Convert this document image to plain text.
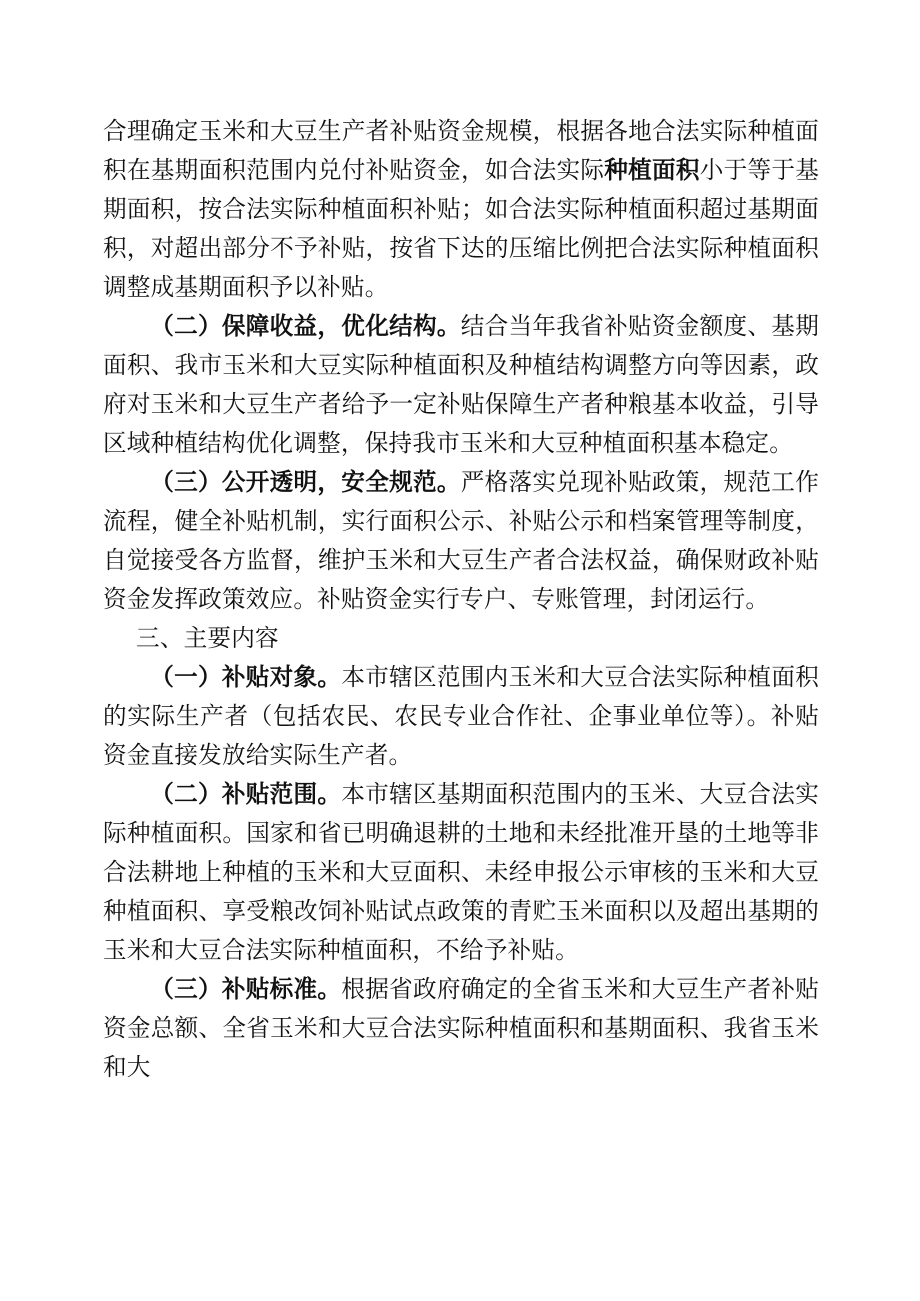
合理确定玉米和大豆生产者补贴资金规模，根据各地合法实际种植面积在基期面积范围内兑付补贴资金，如合法实际种植面积小于等于基期面积，按合法实际种植面积补贴；如合法实际种植面积超过基期面积，对超出部分不予补贴，按省下达的压缩比例把合法实际种植面积调整成基期面积予以补贴。

（二）保障收益，优化结构。结合当年我省补贴资金额度、基期面积、我市玉米和大豆实际种植面积及种植结构调整方向等因素，政府对玉米和大豆生产者给予一定补贴保障生产者种粮基本收益，引导区域种植结构优化调整，保持我市玉米和大豆种植面积基本稳定。

（三）公开透明，安全规范。严格落实兑现补贴政策，规范工作流程，健全补贴机制，实行面积公示、补贴公示和档案管理等制度，自觉接受各方监督，维护玉米和大豆生产者合法权益，确保财政补贴资金发挥政策效应。补贴资金实行专户、专账管理，封闭运行。

三、主要内容

（一）补贴对象。本市辖区范围内玉米和大豆合法实际种植面积的实际生产者（包括农民、农民专业合作社、企事业单位等）。补贴资金直接发放给实际生产者。

（二）补贴范围。本市辖区基期面积范围内的玉米、大豆合法实际种植面积。国家和省已明确退耕的土地和未经批准开垦的土地等非合法耕地上种植的玉米和大豆面积、未经申报公示审核的玉米和大豆种植面积、享受粮改饲补贴试点政策的青贮玉米面积以及超出基期的玉米和大豆合法实际种植面积，不给予补贴。

（三）补贴标准。根据省政府确定的全省玉米和大豆生产者补贴资金总额、全省玉米和大豆合法实际种植面积和基期面积、我省玉米和大
